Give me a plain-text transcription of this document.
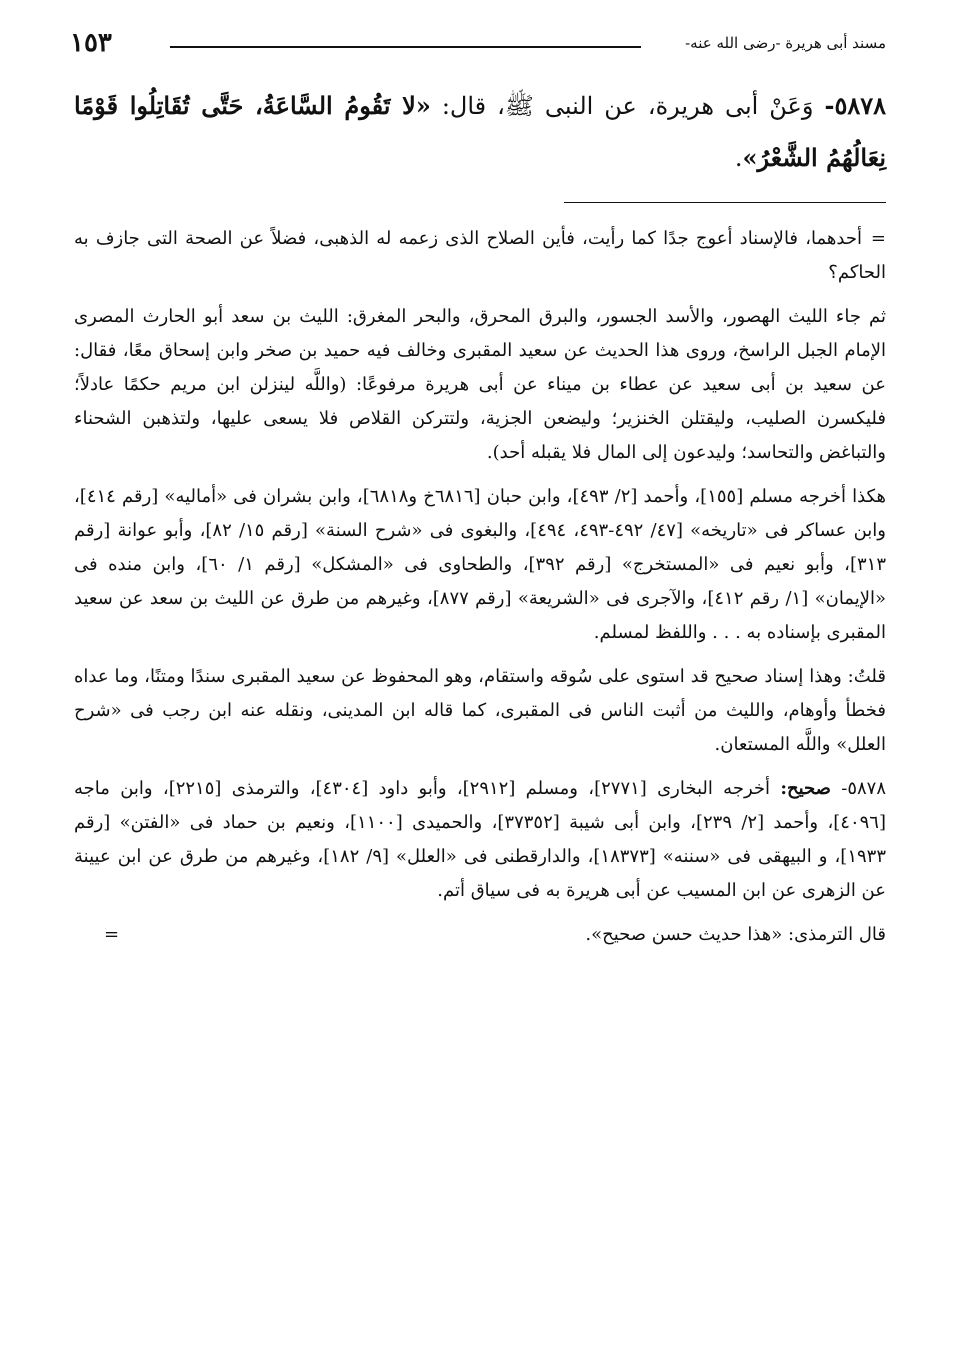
مسند أبى هريرة -رضى الله عنه-
١٥٣
٥٨٧٨- وَعَنْ أبى هريرة، عن النبى ﷺ، قال: «لا تَقُومُ السَّاعَةُ، حَتَّى تُقَاتِلُوا قَوْمًا نِعَالُهُمُ الشَّعْرُ».

=أحدهما، فالإسناد أعوج جدًا كما رأيت، فأين الصلاح الذى زعمه له الذهبى، فضلاً عن الصحة التى جازف به الحاكم؟

ثم جاء الليث الهصور، والأسد الجسور، والبرق المحرق، والبحر المغرق: الليث بن سعد أبو الحارث المصرى الإمام الجبل الراسخ، وروى هذا الحديث عن سعيد المقبرى وخالف فيه حميد بن صخر وابن إسحاق معًا، فقال: عن سعيد بن أبى سعيد عن عطاء بن ميناء عن أبى هريرة مرفوعًا: (واللَّه لينزلن ابن مريم حكمًا عادلاً؛ فليكسرن الصليب، وليقتلن الخنزير؛ وليضعن الجزية، ولتتركن القلاص فلا يسعى عليها، ولتذهبن الشحناء والتباغض والتحاسد؛ وليدعون إلى المال فلا يقبله أحد).

هكذا أخرجه مسلم [١٥٥]، وأحمد [٢/ ٤٩٣]، وابن حبان [٦٨١٦خ و٦٨١٨]، وابن بشران فى «أماليه» [رقم ٤١٤]، وابن عساكر فى «تاريخه» [٤٧/ ٤٩٢-٤٩٣، ٤٩٤]، والبغوى فى «شرح السنة» [رقم ١٥/ ٨٢]، وأبو عوانة [رقم ٣١٣]، وأبو نعيم فى «المستخرج» [رقم ٣٩٢]، والطحاوى فى «المشكل» [رقم ١/ ٦٠]، وابن منده فى «الإيمان» [١/ رقم ٤١٢]، والآجرى فى «الشريعة» [رقم ٨٧٧]، وغيرهم من طرق عن الليث بن سعد عن سعيد المقبرى بإسناده به . . . واللفظ لمسلم.

قلتُ: وهذا إسناد صحيح قد استوى على سُوقه واستقام، وهو المحفوظ عن سعيد المقبرى سندًا ومتنًا، وما عداه فخطأ وأوهام، والليث من أثبت الناس فى المقبرى، كما قاله ابن المدينى، ونقله عنه ابن رجب فى «شرح العلل» واللَّه المستعان.

٥٨٧٨- صحيح: أخرجه البخارى [٢٧٧١]، ومسلم [٢٩١٢]، وأبو داود [٤٣٠٤]، والترمذى [٢٢١٥]، وابن ماجه [٤٠٩٦]، وأحمد [٢/ ٢٣٩]، وابن أبى شيبة [٣٧٣٥٢]، والحميدى [١١٠٠]، ونعيم بن حماد فى «الفتن» [رقم ١٩٣٣]، و البيهقى فى «سننه» [١٨٣٧٣]، والدارقطنى فى «العلل» [٩/ ١٨٢]، وغيرهم من طرق عن ابن عيينة عن الزهرى عن ابن المسيب عن أبى هريرة به فى سياق أتم.

قال الترمذى: «هذا حديث حسن صحيح».
=
